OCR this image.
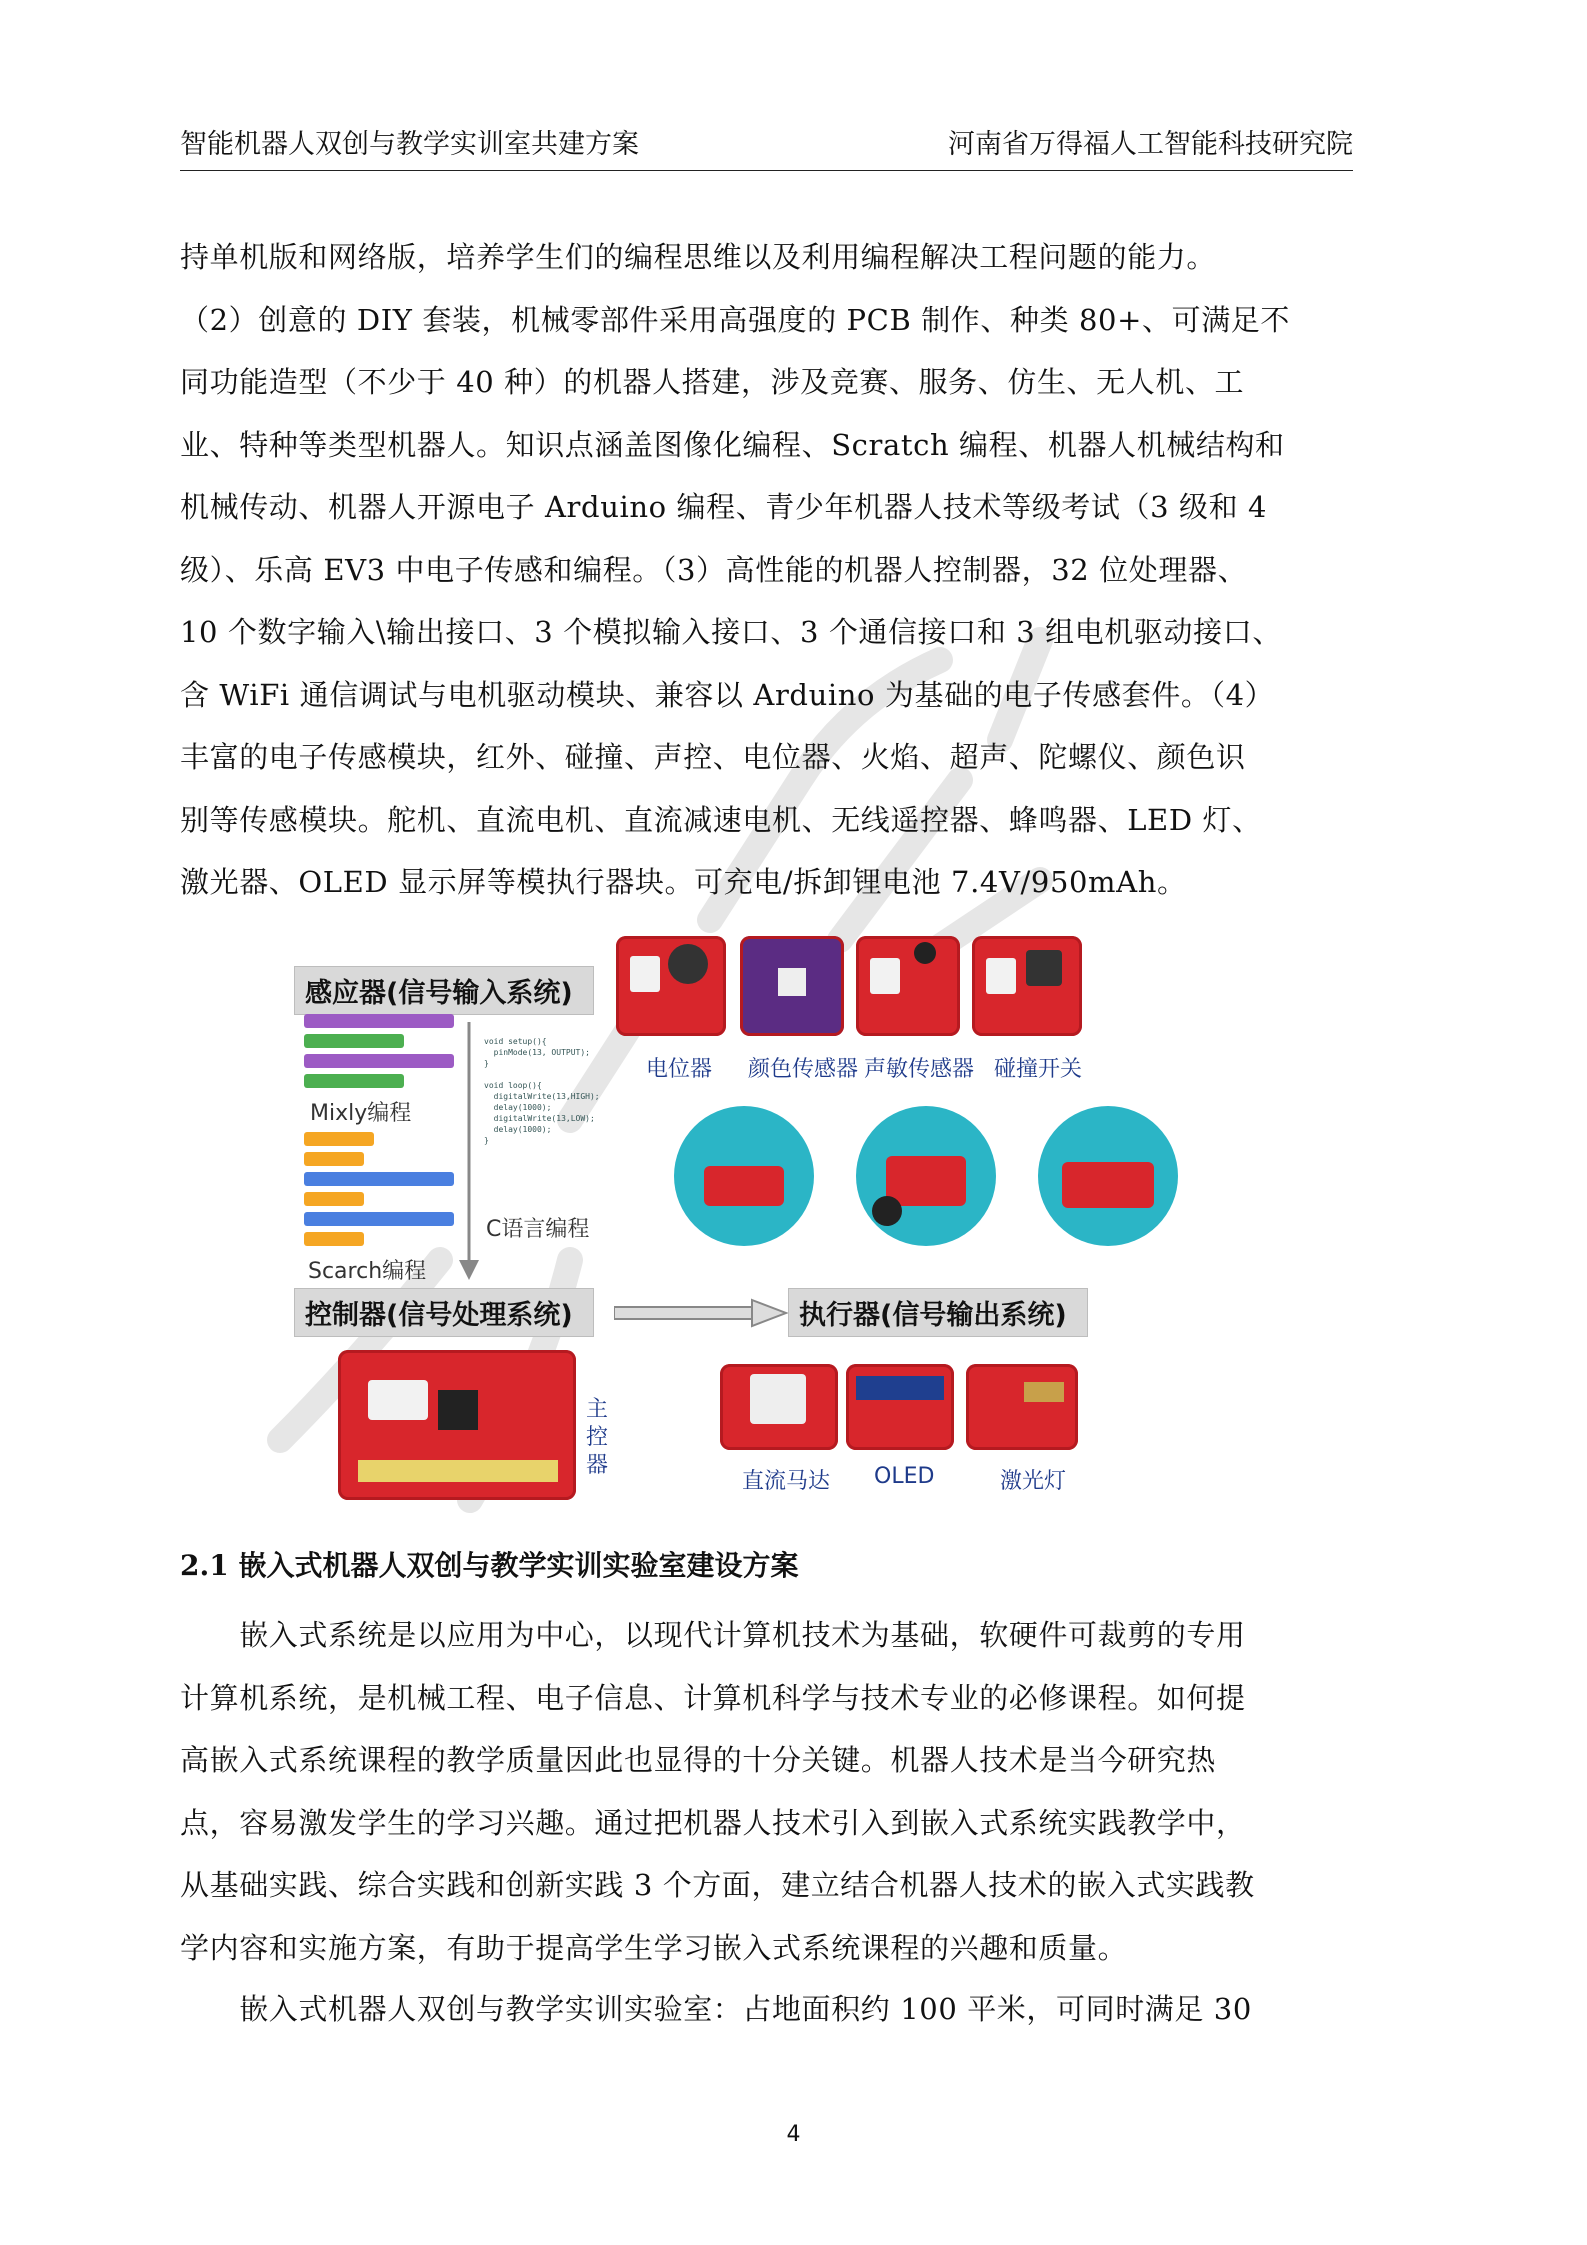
智能机器人双创与教学实训室共建方案	河南省万得福人工智能科技研究院
持单机版和网络版，培养学生们的编程思维以及利用编程解决工程问题的能力。
（2）创意的 DIY 套装，机械零部件采用高强度的 PCB 制作、种类 80+、可满足不
同功能造型（不少于 40 种）的机器人搭建，涉及竞赛、服务、仿生、无人机、工
业、特种等类型机器人。知识点涵盖图像化编程、Scratch 编程、机器人机械结构和
机械传动、机器人开源电子 Arduino 编程、青少年机器人技术等级考试（3 级和 4
级）、乐高 EV3 中电子传感和编程。（3）高性能的机器人控制器，32 位处理器、
10 个数字输入\输出接口、3 个模拟输入接口、3 个通信接口和 3 组电机驱动接口、
含 WiFi 通信调试与电机驱动模块、兼容以 Arduino 为基础的电子传感套件。（4）
丰富的电子传感模块，红外、碰撞、声控、电位器、火焰、超声、陀螺仪、颜色识
别等传感模块。舵机、直流电机、直流减速电机、无线遥控器、蜂鸣器、LED 灯、
激光器、OLED 显示屏等模执行器块。可充电/拆卸锂电池 7.4V/950mAh。
感应器(信号输入系统)
Mixly编程
Scarch编程
void setup(){
pinMode(13, OUTPUT);
}

void loop(){
digitalWrite(13,HIGH);
delay(1000);
digitalWrite(13,LOW);
delay(1000);
}
C语言编程
电位器 颜色传感器 声敏传感器 碰撞开关
控制器(信号处理系统)	执行器(信号输出系统)
主
控
器
直流马达 OLED	激光灯
2.1 嵌入式机器人双创与教学实训实验室建设方案
　　嵌入式系统是以应用为中心，以现代计算机技术为基础，软硬件可裁剪的专用
计算机系统，是机械工程、电子信息、计算机科学与技术专业的必修课程。如何提
高嵌入式系统课程的教学质量因此也显得的十分关键。机器人技术是当今研究热
点，容易激发学生的学习兴趣。通过把机器人技术引入到嵌入式系统实践教学中，
从基础实践、综合实践和创新实践 3 个方面，建立结合机器人技术的嵌入式实践教
学内容和实施方案，有助于提高学生学习嵌入式系统课程的兴趣和质量。
　　嵌入式机器人双创与教学实训实验室：占地面积约 100 平米，可同时满足 30
4
